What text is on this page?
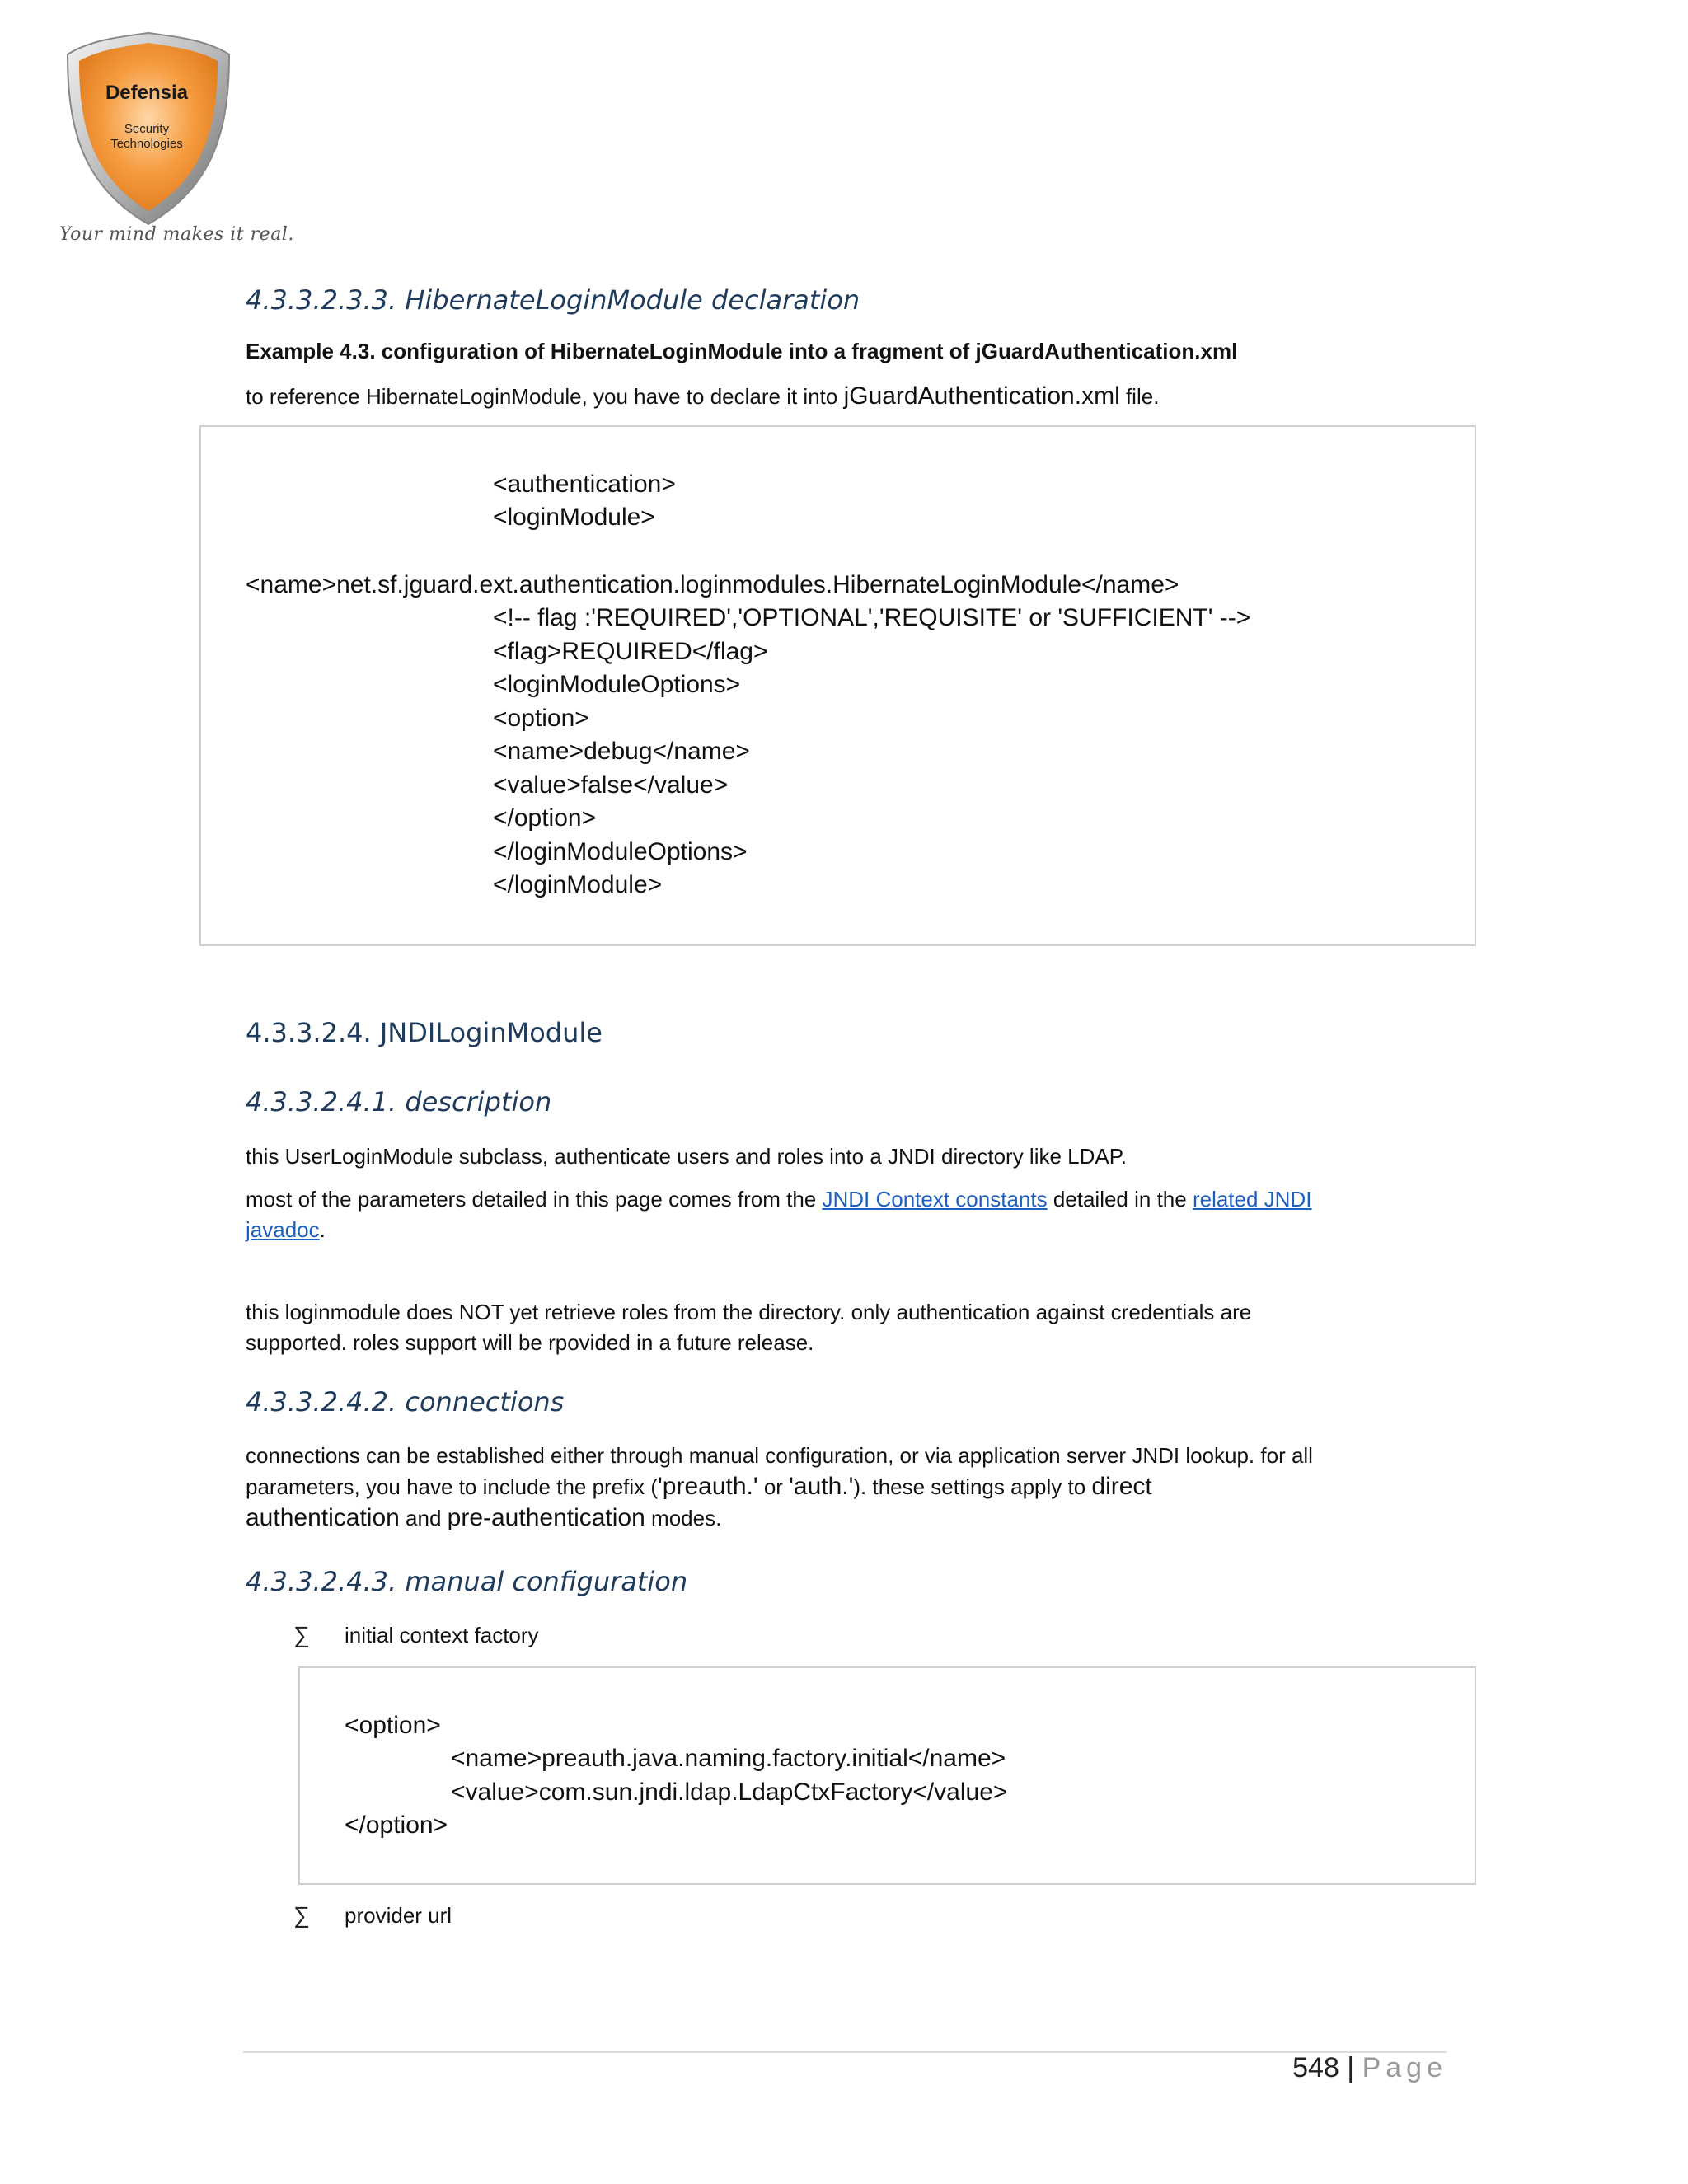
Defensia
Security
Technologies
Your mind makes it real.
4.3.3.2.3.3. HibernateLoginModule declaration
Example 4.3. configuration of HibernateLoginModule into a fragment of jGuardAuthentication.xml
to reference HibernateLoginModule, you have to declare it into jGuardAuthentication.xml file.
<authentication>
<loginModule>
<name>net.sf.jguard.ext.authentication.loginmodules.HibernateLoginModule</name>
<!-- flag :'REQUIRED','OPTIONAL','REQUISITE' or 'SUFFICIENT' -->
<flag>REQUIRED</flag>
<loginModuleOptions>
<option>
<name>debug</name>
<value>false</value>
</option>
</loginModuleOptions>
</loginModule>
4.3.3.2.4. JNDILoginModule
4.3.3.2.4.1. description
this UserLoginModule subclass, authenticate users and roles into a JNDI directory like LDAP.
most of the parameters detailed in this page comes from the JNDI Context constants detailed in the related JNDI
javadoc.
this loginmodule does NOT yet retrieve roles from the directory. only authentication against credentials are
supported. roles support will be rpovided in a future release.
4.3.3.2.4.2. connections
connections can be established either through manual configuration, or via application server JNDI lookup. for all
parameters, you have to include the prefix ('preauth.' or 'auth.'). these settings apply to direct
authentication and pre-authentication modes.
4.3.3.2.4.3. manual configuration
∑ initial context factory
<option>
<name>preauth.java.naming.factory.initial</name>
<value>com.sun.jndi.ldap.LdapCtxFactory</value>
</option>
∑ provider url
548 | Page
